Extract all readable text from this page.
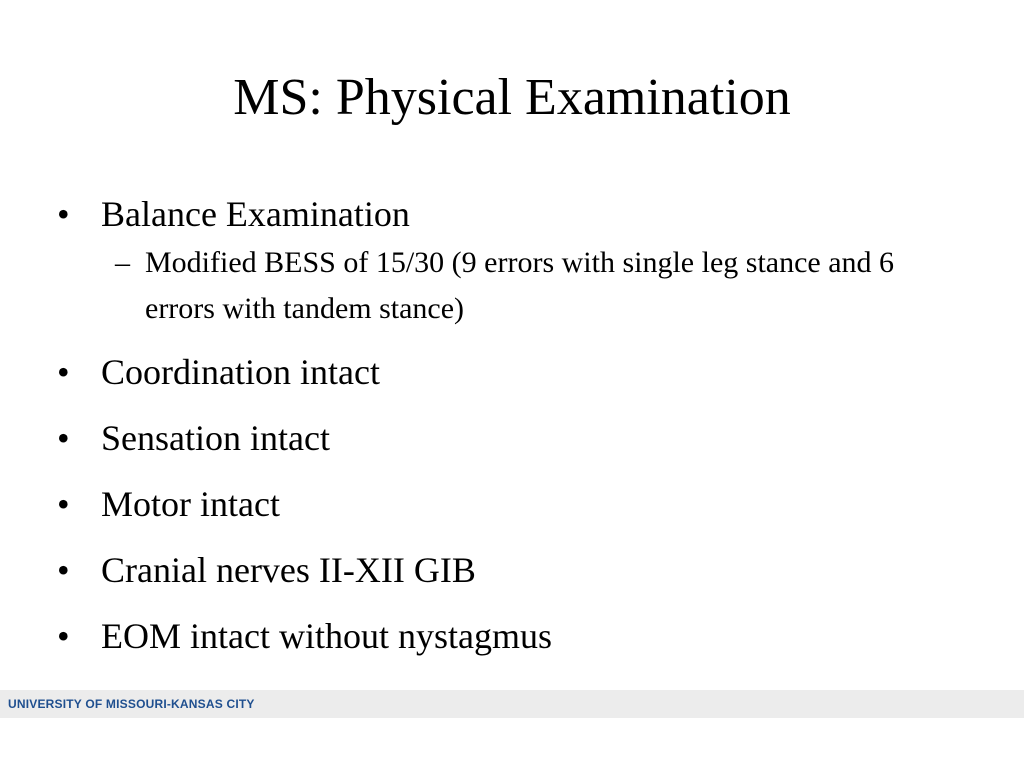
MS: Physical Examination
• Balance Examination
– Modified BESS of 15/30 (9 errors with single leg stance and 6 errors with tandem stance)
• Coordination intact
• Sensation intact
• Motor intact
• Cranial nerves II-XII GIB
• EOM intact without nystagmus
UNIVERSITY OF MISSOURI-KANSAS CITY
